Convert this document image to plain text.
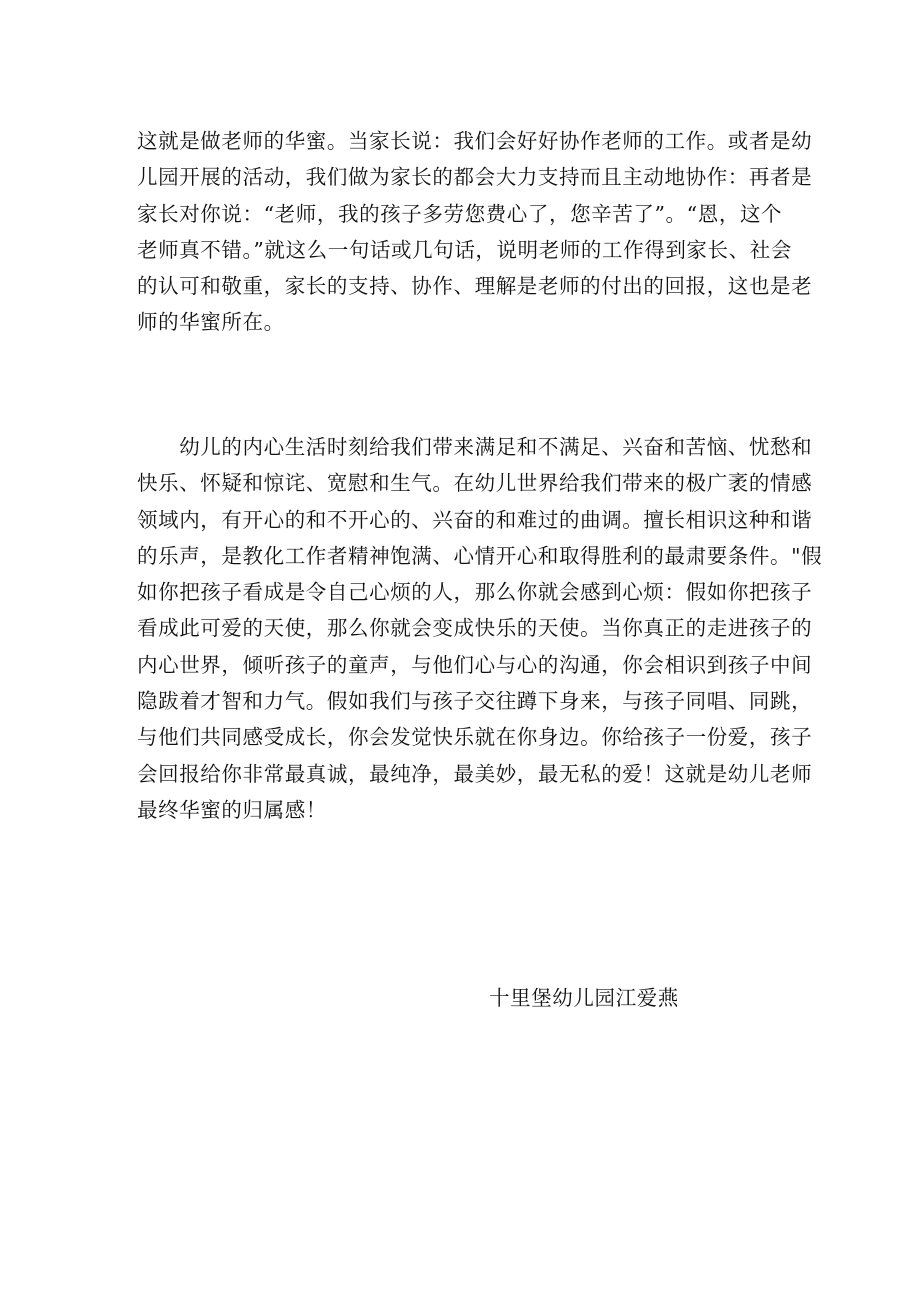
这就是做老师的华蜜。当家长说：我们会好好协作老师的工作。或者是幼
儿园开展的活动，我们做为家长的都会大力支持而且主动地协作：再者是
家长对你说：“老师，我的孩子多劳您费心了，您辛苦了”。“恩，这个
老师真不错。”就这么一句话或几句话，说明老师的工作得到家长、社会
的认可和敬重，家长的支持、协作、理解是老师的付出的回报，这也是老
师的华蜜所在。

　　幼儿的内心生活时刻给我们带来满足和不满足、兴奋和苦恼、忧愁和
快乐、怀疑和惊诧、宽慰和生气。在幼儿世界给我们带来的极广袤的情感
领域内，有开心的和不开心的、兴奋的和难过的曲调。擅长相识这种和谐
的乐声，是教化工作者精神饱满、心情开心和取得胜利的最肃要条件。"假
如你把孩子看成是令自己心烦的人，那么你就会感到心烦：假如你把孩子
看成此可爱的天使，那么你就会变成快乐的天使。当你真正的走进孩子的
内心世界，倾听孩子的童声，与他们心与心的沟通，你会相识到孩子中间
隐跋着才智和力气。假如我们与孩子交往蹲下身来，与孩子同唱、同跳，
与他们共同感受成长，你会发觉快乐就在你身边。你给孩子一份爱，孩子
会回报给你非常最真诚，最纯净，最美妙，最无私的爱！这就是幼儿老师
最终华蜜的归属感！

十里堡幼儿园江爱燕
